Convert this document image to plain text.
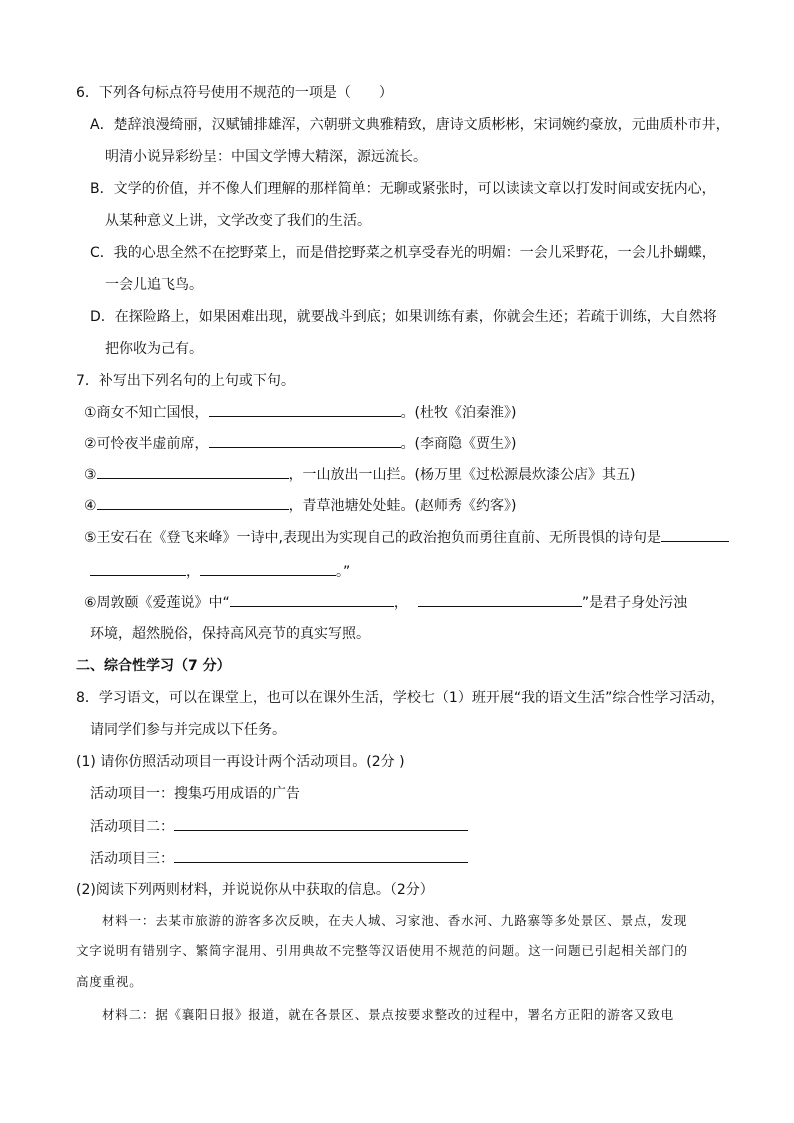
6．下列各句标点符号使用不规范的一项是（　　）
A．楚辞浪漫绮丽，汉赋铺排雄浑，六朝骈文典雅精致，唐诗文质彬彬，宋词婉约豪放，元曲质朴市井，
明清小说异彩纷呈：中国文学博大精深，源远流长。
B．文学的价值，并不像人们理解的那样简单：无聊或紧张时，可以读读文章以打发时间或安抚内心，
从某种意义上讲，文学改变了我们的生活。
C．我的心思全然不在挖野菜上，而是借挖野菜之机享受春光的明媚：一会儿采野花，一会儿扑蝴蝶，
一会儿追飞鸟。
D．在探险路上，如果困难出现，就要战斗到底；如果训练有素，你就会生还；若疏于训练，大自然将
把你收为己有。
7．补写出下列名句的上句或下句。
①商女不知亡国恨，	。(杜牧《泊秦淮》)
②可怜夜半虚前席，	。(李商隐《贾生》)
③	，一山放出一山拦。(杨万里《过松源晨炊漆公店》其五)
④	，青草池塘处处蛙。(赵师秀《约客》)
⑤王安石在《登飞来峰》一诗中,表现出为实现自己的政治抱负而勇往直前、无所畏惧的诗句是
，	。”
⑥周敦颐《爱莲说》中“	，	”是君子身处污浊
环境，超然脱俗，保持高风亮节的真实写照。
二、综合性学习（7 分）
8．学习语文，可以在课堂上，也可以在课外生活，学校七（1）班开展“我的语文生活”综合性学习活动，
请同学们参与并完成以下任务。
(1) 请你仿照活动项目一再设计两个活动项目。(2分 )
活动项目一：搜集巧用成语的广告
活动项目二：
活动项目三：
(2)阅读下列两则材料，并说说你从中获取的信息。（2分）
材料一：去某市旅游的游客多次反映，在夫人城、习家池、香水河、九路寨等多处景区、景点，发现
文字说明有错别字、繁简字混用、引用典故不完整等汉语使用不规范的问题。这一问题已引起相关部门的
高度重视。
材料二：据《襄阳日报》报道，就在各景区、景点按要求整改的过程中，署名方正阳的游客又致电
